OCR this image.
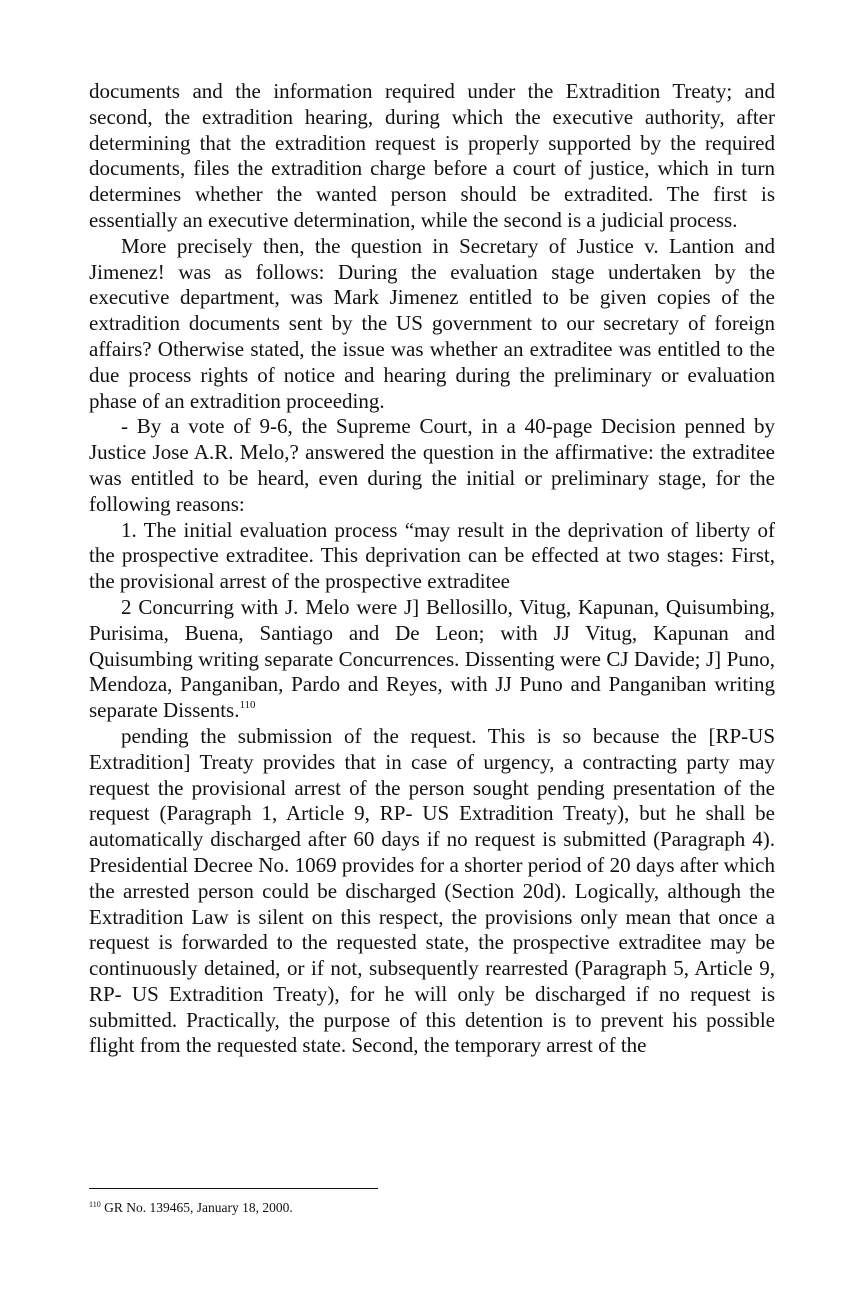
documents and the information required under the Extradition Treaty; and second, the extradition hearing, during which the executive authority, after determining that the extradition request is properly supported by the required documents, files the extradition charge before a court of justice, which in turn determines whether the wanted person should be extradited. The first is essentially an executive determination, while the second is a judicial process.

More precisely then, the question in Secretary of Justice v. Lantion and Jimenez! was as follows: During the evaluation stage undertaken by the executive department, was Mark Jimenez entitled to be given copies of the extradition documents sent by the US government to our secretary of foreign affairs? Otherwise stated, the issue was whether an extraditee was entitled to the due process rights of notice and hearing during the preliminary or evaluation phase of an extradition proceeding.

- By a vote of 9-6, the Supreme Court, in a 40-page Decision penned by Justice Jose A.R. Melo,? answered the question in the affirmative: the extraditee was entitled to be heard, even during the initial or preliminary stage, for the following reasons:

1. The initial evaluation process “may result in the deprivation of liberty of the prospective extraditee. This deprivation can be effected at two stages: First, the provisional arrest of the prospective extraditee

2 Concurring with J. Melo were J] Bellosillo, Vitug, Kapunan, Quisumbing, Purisima, Buena, Santiago and De Leon; with JJ Vitug, Kapunan and Quisumbing writing separate Concurrences. Dissenting were CJ Davide; J] Puno, Mendoza, Panganiban, Pardo and Reyes, with JJ Puno and Panganiban writing separate Dissents.$^{110}$

pending the submission of the request. This is so because the [RP-US Extradition] Treaty provides that in case of urgency, a contracting party may request the provisional arrest of the person sought pending presentation of the request (Paragraph 1, Article 9, RP- US Extradition Treaty), but he shall be automatically discharged after 60 days if no request is submitted (Paragraph 4). Presidential Decree No. 1069 provides for a shorter period of 20 days after which the arrested person could be discharged (Section 20d). Logically, although the Extradition Law is silent on this respect, the provisions only mean that once a request is forwarded to the requested state, the prospective extraditee may be continuously detained, or if not, subsequently rearrested (Paragraph 5, Article 9, RP- US Extradition Treaty), for he will only be discharged if no request is submitted. Practically, the purpose of this detention is to prevent his possible flight from the requested state. Second, the temporary arrest of the

$^{110}$ GR No. 139465, January 18, 2000.
